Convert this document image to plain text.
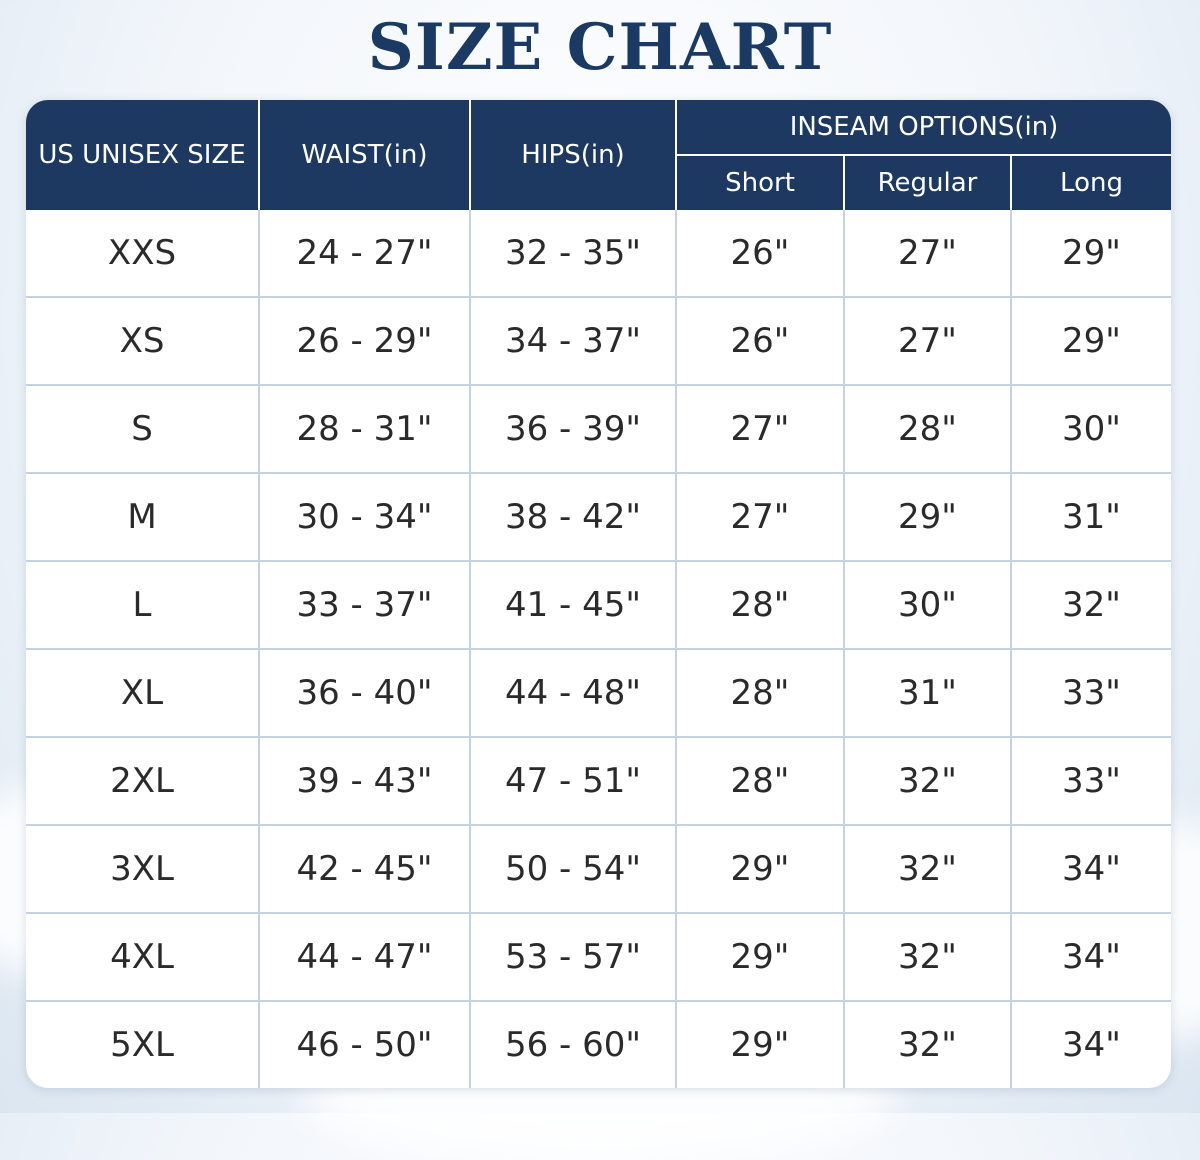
SIZE CHART
US UNISEX SIZE	WAIST(in)	HIPS(in)	INSEAM OPTIONS(in)		
			Short	Regular	Long
XXS	24 - 27"	32 - 35"	26"	27"	29"
XS	26 - 29"	34 - 37"	26"	27"	29"
S	28 - 31"	36 - 39"	27"	28"	30"
M	30 - 34"	38 - 42"	27"	29"	31"
L	33 - 37"	41 - 45"	28"	30"	32"
XL	36 - 40"	44 - 48"	28"	31"	33"
2XL	39 - 43"	47 - 51"	28"	32"	33"
3XL	42 - 45"	50 - 54"	29"	32"	34"
4XL	44 - 47"	53 - 57"	29"	32"	34"
5XL	46 - 50"	56 - 60"	29"	32"	34"
